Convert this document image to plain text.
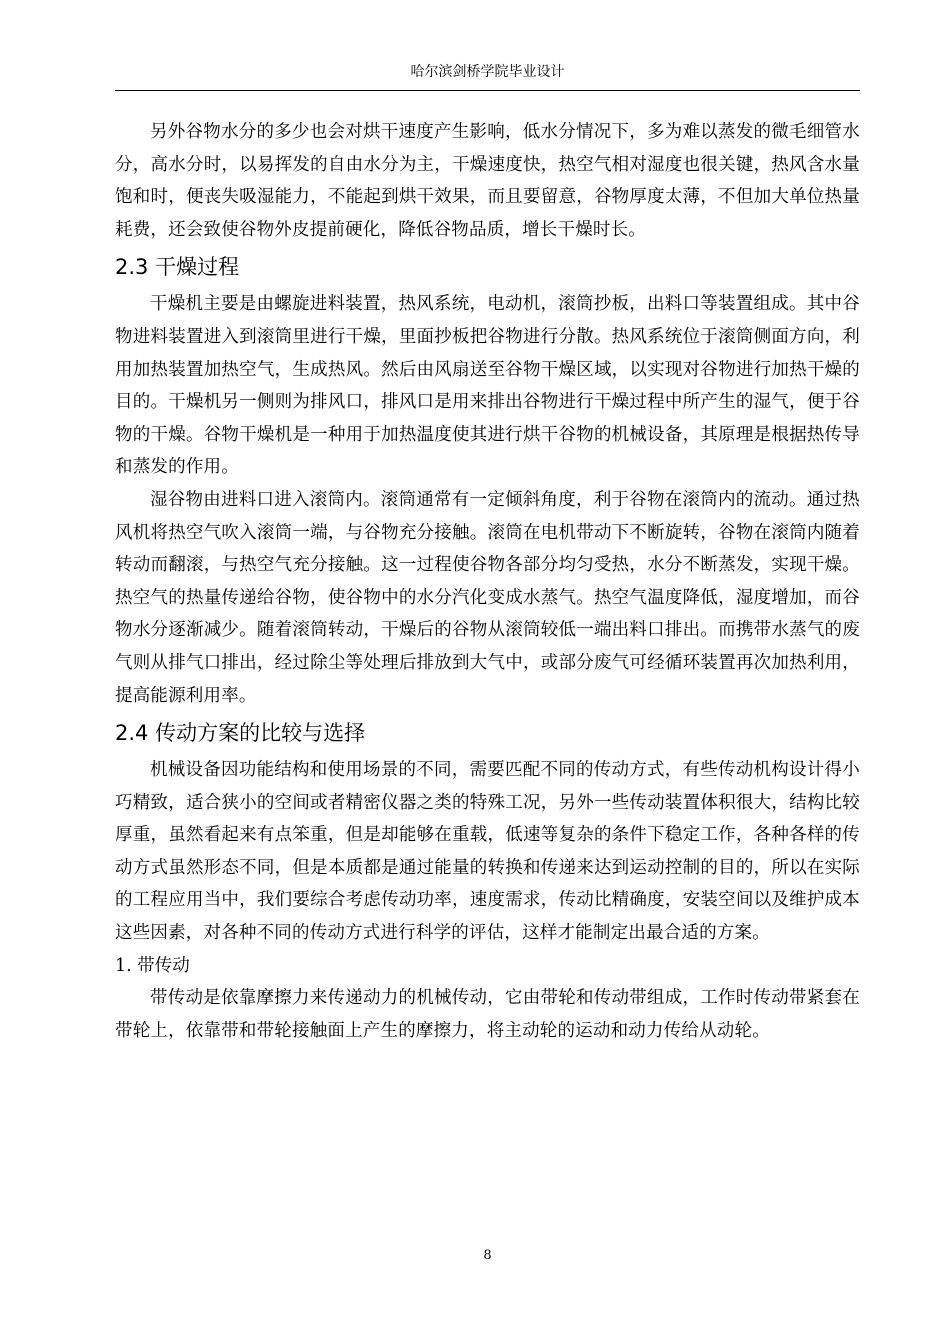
哈尔滨剑桥学院毕业设计

另外谷物水分的多少也会对烘干速度产生影响，低水分情况下，多为难以蒸发的微毛细管水分，高水分时，以易挥发的自由水分为主，干燥速度快，热空气相对湿度也很关键，热风含水量饱和时，便丧失吸湿能力，不能起到烘干效果，而且要留意，谷物厚度太薄，不但加大单位热量耗费，还会致使谷物外皮提前硬化，降低谷物品质，增长干燥时长。

2.3 干燥过程

干燥机主要是由螺旋进料装置，热风系统，电动机，滚筒抄板，出料口等装置组成。其中谷物进料装置进入到滚筒里进行干燥，里面抄板把谷物进行分散。热风系统位于滚筒侧面方向，利用加热装置加热空气，生成热风。然后由风扇送至谷物干燥区域，以实现对谷物进行加热干燥的目的。干燥机另一侧则为排风口，排风口是用来排出谷物进行干燥过程中所产生的湿气，便于谷物的干燥。谷物干燥机是一种用于加热温度使其进行烘干谷物的机械设备，其原理是根据热传导和蒸发的作用。

湿谷物由进料口进入滚筒内。滚筒通常有一定倾斜角度，利于谷物在滚筒内的流动。通过热风机将热空气吹入滚筒一端，与谷物充分接触。滚筒在电机带动下不断旋转，谷物在滚筒内随着转动而翻滚，与热空气充分接触。这一过程使谷物各部分均匀受热，水分不断蒸发，实现干燥。热空气的热量传递给谷物，使谷物中的水分汽化变成水蒸气。热空气温度降低，湿度增加，而谷物水分逐渐减少。随着滚筒转动，干燥后的谷物从滚筒较低一端出料口排出。而携带水蒸气的废气则从排气口排出，经过除尘等处理后排放到大气中，或部分废气可经循环装置再次加热利用，提高能源利用率。

2.4 传动方案的比较与选择

机械设备因功能结构和使用场景的不同，需要匹配不同的传动方式，有些传动机构设计得小巧精致，适合狭小的空间或者精密仪器之类的特殊工况，另外一些传动装置体积很大，结构比较厚重，虽然看起来有点笨重，但是却能够在重载，低速等复杂的条件下稳定工作，各种各样的传动方式虽然形态不同，但是本质都是通过能量的转换和传递来达到运动控制的目的，所以在实际的工程应用当中，我们要综合考虑传动功率，速度需求，传动比精确度，安装空间以及维护成本这些因素，对各种不同的传动方式进行科学的评估，这样才能制定出最合适的方案。

1. 带传动

带传动是依靠摩擦力来传递动力的机械传动，它由带轮和传动带组成，工作时传动带紧套在带轮上，依靠带和带轮接触面上产生的摩擦力，将主动轮的运动和动力传给从动轮。

8
